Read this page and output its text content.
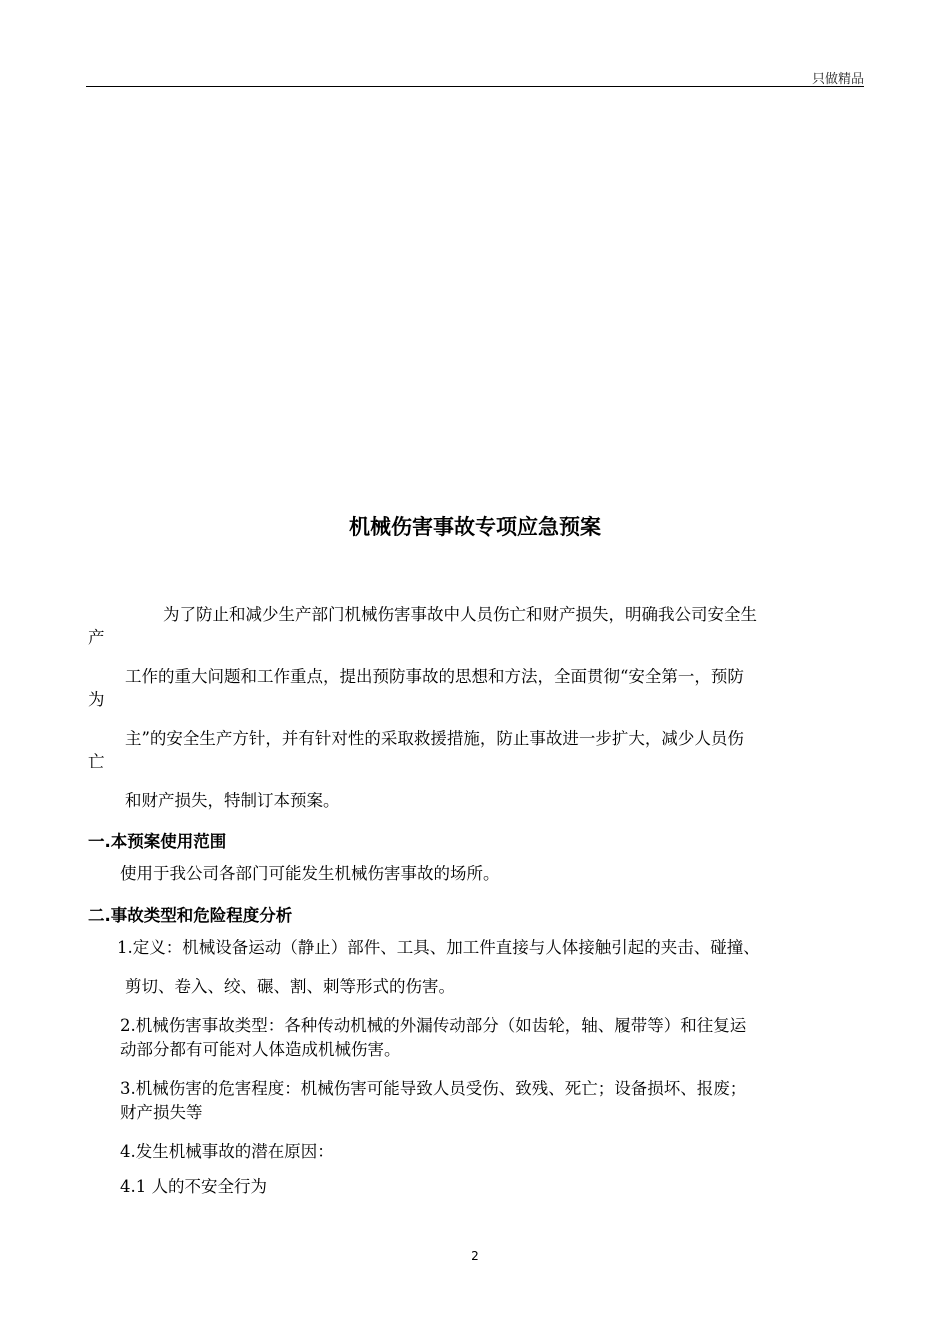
只做精品
机械伤害事故专项应急预案
为了防止和减少生产部门机械伤害事故中人员伤亡和财产损失，明确我公司安全生
产
工作的重大问题和工作重点，提出预防事故的思想和方法，全面贯彻“安全第一，预防
为
主”的安全生产方针，并有针对性的采取救援措施，防止事故进一步扩大，减少人员伤
亡
和财产损失，特制订本预案。
一.本预案使用范围
使用于我公司各部门可能发生机械伤害事故的场所。
二.事故类型和危险程度分析
1.定义：机械设备运动（静止）部件、工具、加工件直接与人体接触引起的夹击、碰撞、
剪切、卷入、绞、碾、割、刺等形式的伤害。
2.机械伤害事故类型：各种传动机械的外漏传动部分（如齿轮，轴、履带等）和往复运
动部分都有可能对人体造成机械伤害。
3.机械伤害的危害程度：机械伤害可能导致人员受伤、致残、死亡；设备损坏、报废；
财产损失等
4.发生机械事故的潜在原因：
4.1 人的不安全行为
2
